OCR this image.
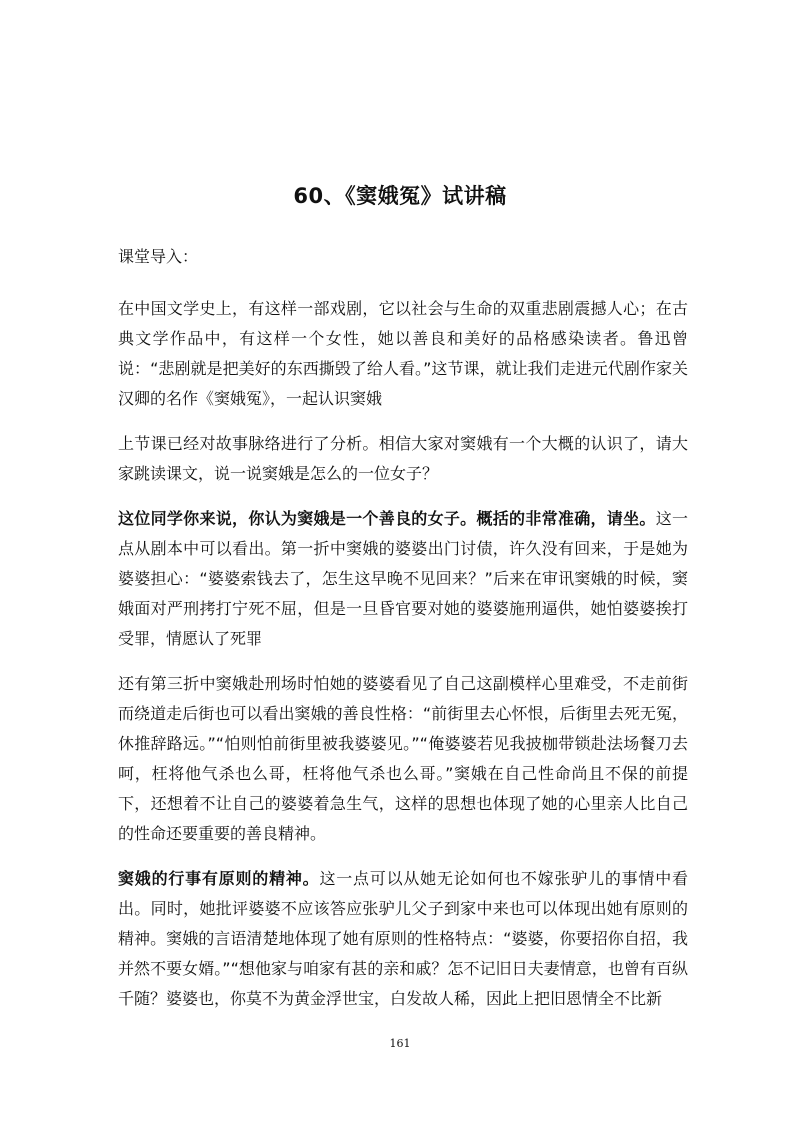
60、《窦娥冤》试讲稿

课堂导入：

在中国文学史上，有这样一部戏剧，它以社会与生命的双重悲剧震撼人心；在古典文学作品中，有这样一个女性，她以善良和美好的品格感染读者。鲁迅曾说：“悲剧就是把美好的东西撕毁了给人看。”这节课，就让我们走进元代剧作家关汉卿的名作《窦娥冤》，一起认识窦娥

上节课已经对故事脉络进行了分析。相信大家对窦娥有一个大概的认识了，请大家跳读课文，说一说窦娥是怎么的一位女子？

这位同学你来说，你认为窦娥是一个善良的女子。概括的非常准确，请坐。这一点从剧本中可以看出。第一折中窦娥的婆婆出门讨债，许久没有回来，于是她为婆婆担心：“婆婆索钱去了，怎生这早晚不见回来？”后来在审讯窦娥的时候，窦娥面对严刑拷打宁死不屈，但是一旦昏官要对她的婆婆施刑逼供，她怕婆婆挨打受罪，情愿认了死罪

还有第三折中窦娥赴刑场时怕她的婆婆看见了自己这副模样心里难受，不走前街而绕道走后街也可以看出窦娥的善良性格：“前街里去心怀恨，后街里去死无冤，休推辞路远。”“怕则怕前街里被我婆婆见。”“俺婆婆若见我披枷带锁赴法场餐刀去呵，枉将他气杀也么哥，枉将他气杀也么哥。”窦娥在自己性命尚且不保的前提下，还想着不让自己的婆婆着急生气，这样的思想也体现了她的心里亲人比自己的性命还要重要的善良精神。

窦娥的行事有原则的精神。这一点可以从她无论如何也不嫁张驴儿的事情中看出。同时，她批评婆婆不应该答应张驴儿父子到家中来也可以体现出她有原则的精神。窦娥的言语清楚地体现了她有原则的性格特点：“婆婆，你要招你自招，我并然不要女婿。”“想他家与咱家有甚的亲和戚？怎不记旧日夫妻情意，也曾有百纵千随？婆婆也，你莫不为黄金浮世宝，白发故人稀，因此上把旧恩情全不比新

161
